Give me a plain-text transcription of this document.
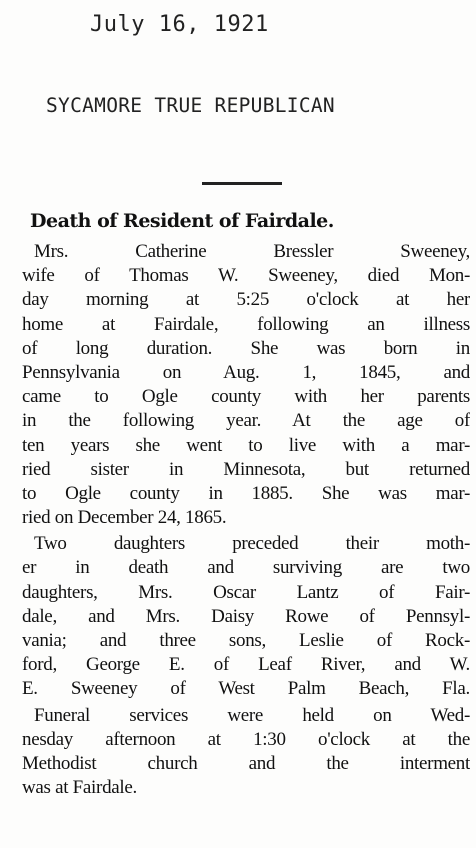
July 16, 1921
SYCAMORE TRUE REPUBLICAN
Death of Resident of Fairdale.
Mrs. Catherine Bressler Sweeney,
wife of Thomas W. Sweeney, died Mon-
day morning at 5:25 o'clock at her
home at Fairdale, following an illness
of long duration. She was born in
Pennsylvania on Aug. 1, 1845, and
came to Ogle county with her parents
in the following year. At the age of
ten years she went to live with a mar-
ried sister in Minnesota, but returned
to Ogle county in 1885. She was mar-
ried on December 24, 1865.
Two daughters preceded their moth-
er in death and surviving are two
daughters, Mrs. Oscar Lantz of Fair-
dale, and Mrs. Daisy Rowe of Pennsyl-
vania; and three sons, Leslie of Rock-
ford, George E. of Leaf River, and W.
E. Sweeney of West Palm Beach, Fla.
Funeral services were held on Wed-
nesday afternoon at 1:30 o'clock at the
Methodist church and the interment
was at Fairdale.
